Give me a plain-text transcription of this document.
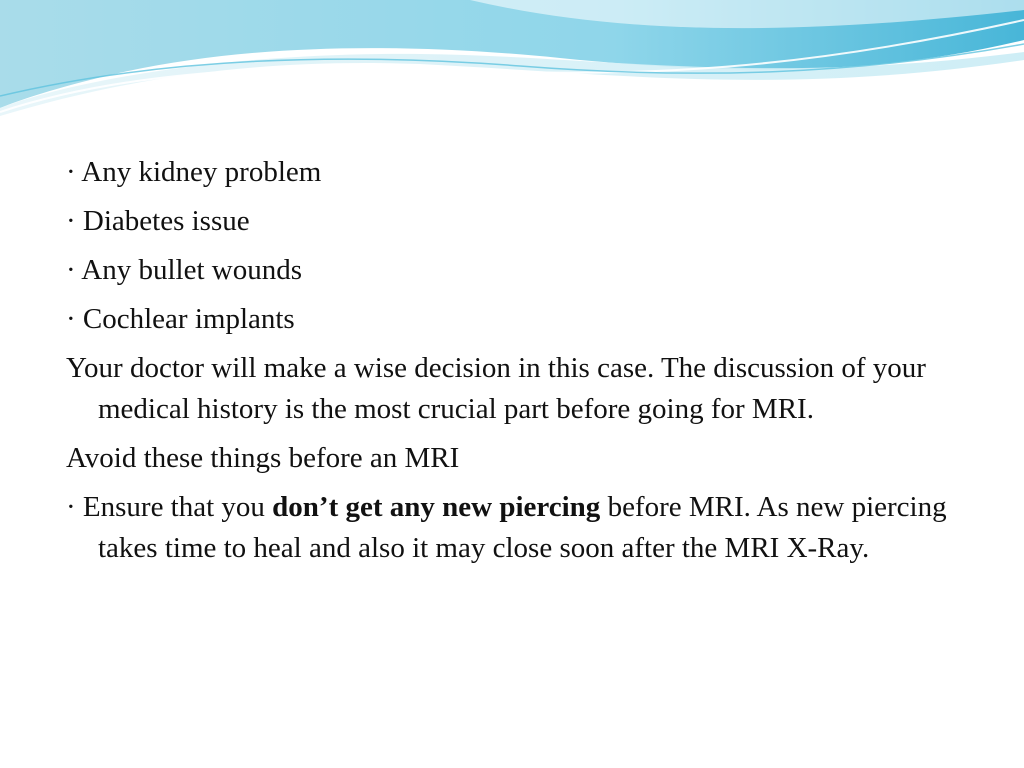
· Any kidney problem

· Diabetes issue

· Any bullet wounds

· Cochlear implants

Your doctor will make a wise decision in this case. The discussion of your medical history is the most crucial part before going for MRI.

Avoid these things before an MRI

· Ensure that you don’t get any new piercing before MRI. As new piercing takes time to heal and also it may close soon after the MRI X-Ray.
